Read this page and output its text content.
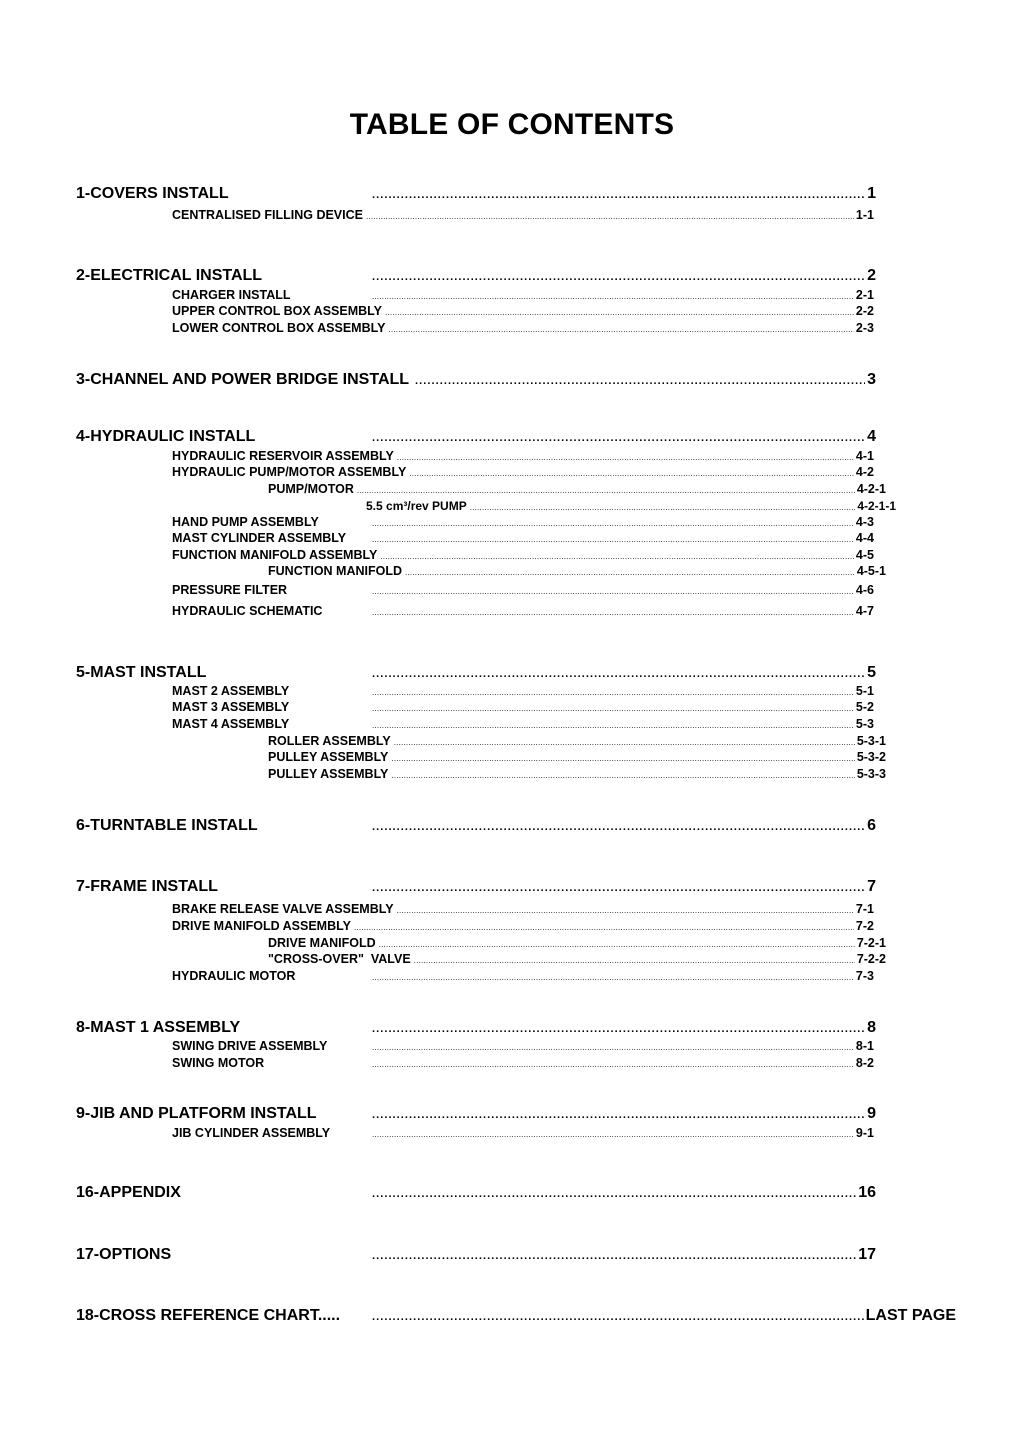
TABLE OF CONTENTS
1-COVERS INSTALL . . .	1
CENTRALISED FILLING DEVICE . . .	1-1
2-ELECTRICAL INSTALL . . .	2
CHARGER INSTALL . . .	2-1
UPPER CONTROL BOX ASSEMBLY . . .	2-2
LOWER CONTROL BOX ASSEMBLY . . .	2-3
3-CHANNEL AND POWER BRIDGE INSTALL . . .	3
4-HYDRAULIC INSTALL . . .	4
HYDRAULIC RESERVOIR ASSEMBLY . . .	4-1
HYDRAULIC PUMP/MOTOR ASSEMBLY . . .	4-2
PUMP/MOTOR . . .	4-2-1
5.5 cm³/rev PUMP . . .	4-2-1-1
HAND PUMP ASSEMBLY . . .	4-3
MAST CYLINDER ASSEMBLY . . .	4-4
FUNCTION MANIFOLD ASSEMBLY . . .	4-5
FUNCTION MANIFOLD . . .	4-5-1
PRESSURE FILTER . . .	4-6
HYDRAULIC SCHEMATIC . . .	4-7
5-MAST INSTALL . . .	5
MAST 2 ASSEMBLY . . .	5-1
MAST 3 ASSEMBLY . . .	5-2
MAST 4 ASSEMBLY . . .	5-3
ROLLER ASSEMBLY . . .	5-3-1
PULLEY ASSEMBLY . . .	5-3-2
PULLEY ASSEMBLY . . .	5-3-3
6-TURNTABLE INSTALL . . .	6
7-FRAME INSTALL . . .	7
BRAKE RELEASE VALVE ASSEMBLY . . .	7-1
DRIVE MANIFOLD ASSEMBLY . . .	7-2
DRIVE MANIFOLD . . .	7-2-1
"CROSS-OVER"  VALVE . . .	7-2-2
HYDRAULIC MOTOR . . .	7-3
8-MAST 1 ASSEMBLY . . .	8
SWING DRIVE ASSEMBLY . . .	8-1
SWING MOTOR . . .	8-2
9-JIB AND PLATFORM INSTALL . . .	9
JIB CYLINDER ASSEMBLY . . .	9-1
16-APPENDIX . . .	16
17-OPTIONS . . .	17
18-CROSS REFERENCE CHART..... . . .	LAST PAGE
